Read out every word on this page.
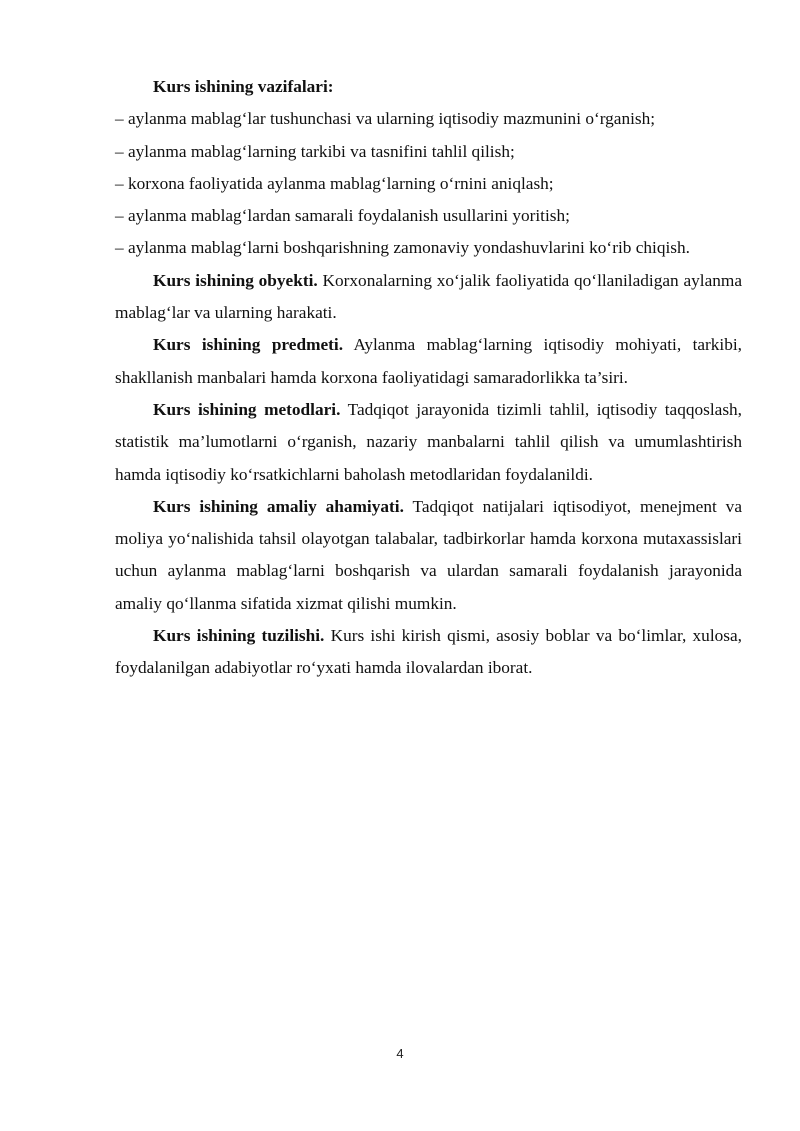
Kurs ishining vazifalari:

– aylanma mablag‘lar tushunchasi va ularning iqtisodiy mazmunini o‘rganish;

– aylanma mablag‘larning tarkibi va tasnifini tahlil qilish;

– korxona faoliyatida aylanma mablag‘larning o‘rnini aniqlash;

– aylanma mablag‘lardan samarali foydalanish usullarini yoritish;

– aylanma mablag‘larni boshqarishning zamonaviy yondashuvlarini ko‘rib chiqish.

Kurs ishining obyekti. Korxonalarning xo‘jalik faoliyatida qo‘llaniladigan aylanma mablag‘lar va ularning harakati.

Kurs ishining predmeti. Aylanma mablag‘larning iqtisodiy mohiyati, tarkibi, shakllanish manbalari hamda korxona faoliyatidagi samaradorlikka ta’siri.

Kurs ishining metodlari. Tadqiqot jarayonida tizimli tahlil, iqtisodiy taqqoslash, statistik ma’lumotlarni o‘rganish, nazariy manbalarni tahlil qilish va umumlashtirish hamda iqtisodiy ko‘rsatkichlarni baholash metodlaridan foydalanildi.

Kurs ishining amaliy ahamiyati. Tadqiqot natijalari iqtisodiyot, menejment va moliya yo‘nalishida tahsil olayotgan talabalar, tadbirkorlar hamda korxona mutaxassislari uchun aylanma mablag‘larni boshqarish va ulardan samarali foydalanish jarayonida amaliy qo‘llanma sifatida xizmat qilishi mumkin.

Kurs ishining tuzilishi. Kurs ishi kirish qismi, asosiy boblar va bo‘limlar, xulosa, foydalanilgan adabiyotlar ro‘yxati hamda ilovalardan iborat.

4
